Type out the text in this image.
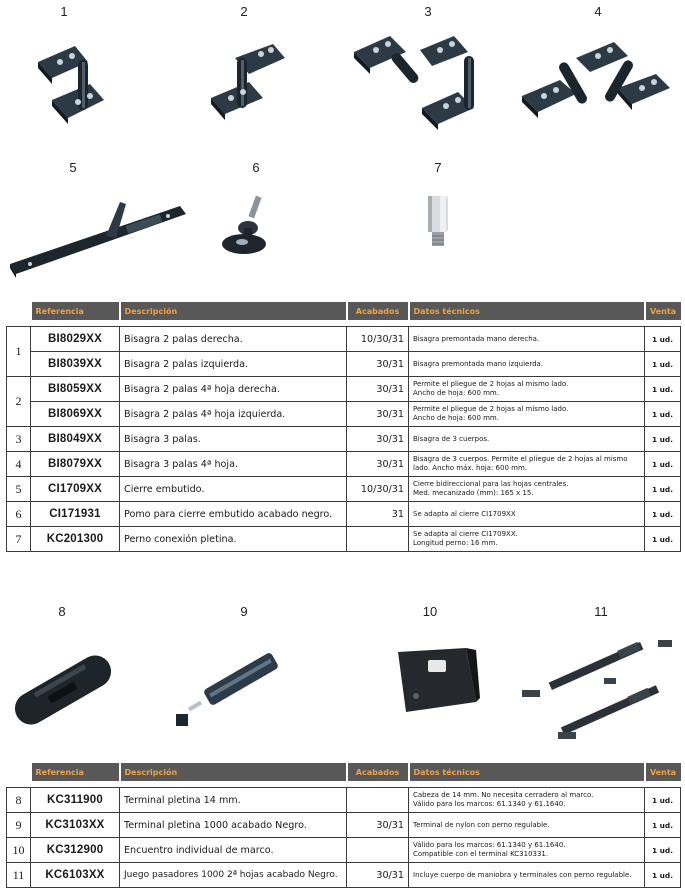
1	2	3	4
5	6	7
	Referencia	Descripción	Acabados	Datos técnicos	Venta

1	BI8029XX	Bisagra 2 palas derecha.	10/30/31	Bisagra premontada mano derecha.	1 ud.
	BI8039XX	Bisagra 2 palas izquierda.	30/31	Bisagra premontada mano izquierda.	1 ud.
2	BI8059XX	Bisagra 2 palas 4ª hoja derecha.	30/31	Permite el pliegue de 2 hojas al mismo lado.
Ancho de hoja: 600 mm.	1 ud.
	BI8069XX	Bisagra 2 palas 4ª hoja izquierda.	30/31	Permite el pliegue de 2 hojas al mismo lado.
Ancho de hoja: 600 mm.	1 ud.
3	BI8049XX	Bisagra 3 palas.	30/31	Bisagra de 3 cuerpos.	1 ud.
4	BI8079XX	Bisagra 3 palas 4ª hoja.	30/31	Bisagra de 3 cuerpos. Permite el pliegue de 2 hojas al mismo lado. Ancho máx. hoja: 600 mm.	1 ud.
5	CI1709XX	Cierre embutido.	10/30/31	Cierre bidireccional para las hojas centrales.
Med. mecanizado (mm): 165 x 15.	1 ud.
6	CI171931	Pomo para cierre embutido acabado negro.	31	Se adapta al cierre CI1709XX	1 ud.
7	KC201300	Perno conexión pletina.		Se adapta al cierre CI1709XX.
Longitud perno: 16 mm.	1 ud.
8	9	10	11
	Referencia	Descripción	Acabados	Datos técnicos	Venta

8	KC311900	Terminal pletina 14 mm.		Cabeza de 14 mm. No necesita cerradero al marco.
Válido para los marcos: 61.1340 y 61.1640.	1 ud.
9	KC3103XX	Terminal pletina 1000 acabado Negro.	30/31	Terminal de nylon con perno regulable.	1 ud.
10	KC312900	Encuentro individual de marco.		Válido para los marcos: 61.1340 y 61.1640.
Compatible con el terminal KC310331.	1 ud.
11	KC6103XX	Juego pasadores 1000 2ª hojas acabado Negro.	30/31	Incluye cuerpo de maniobra y terminales con perno regulable.	1 ud.
